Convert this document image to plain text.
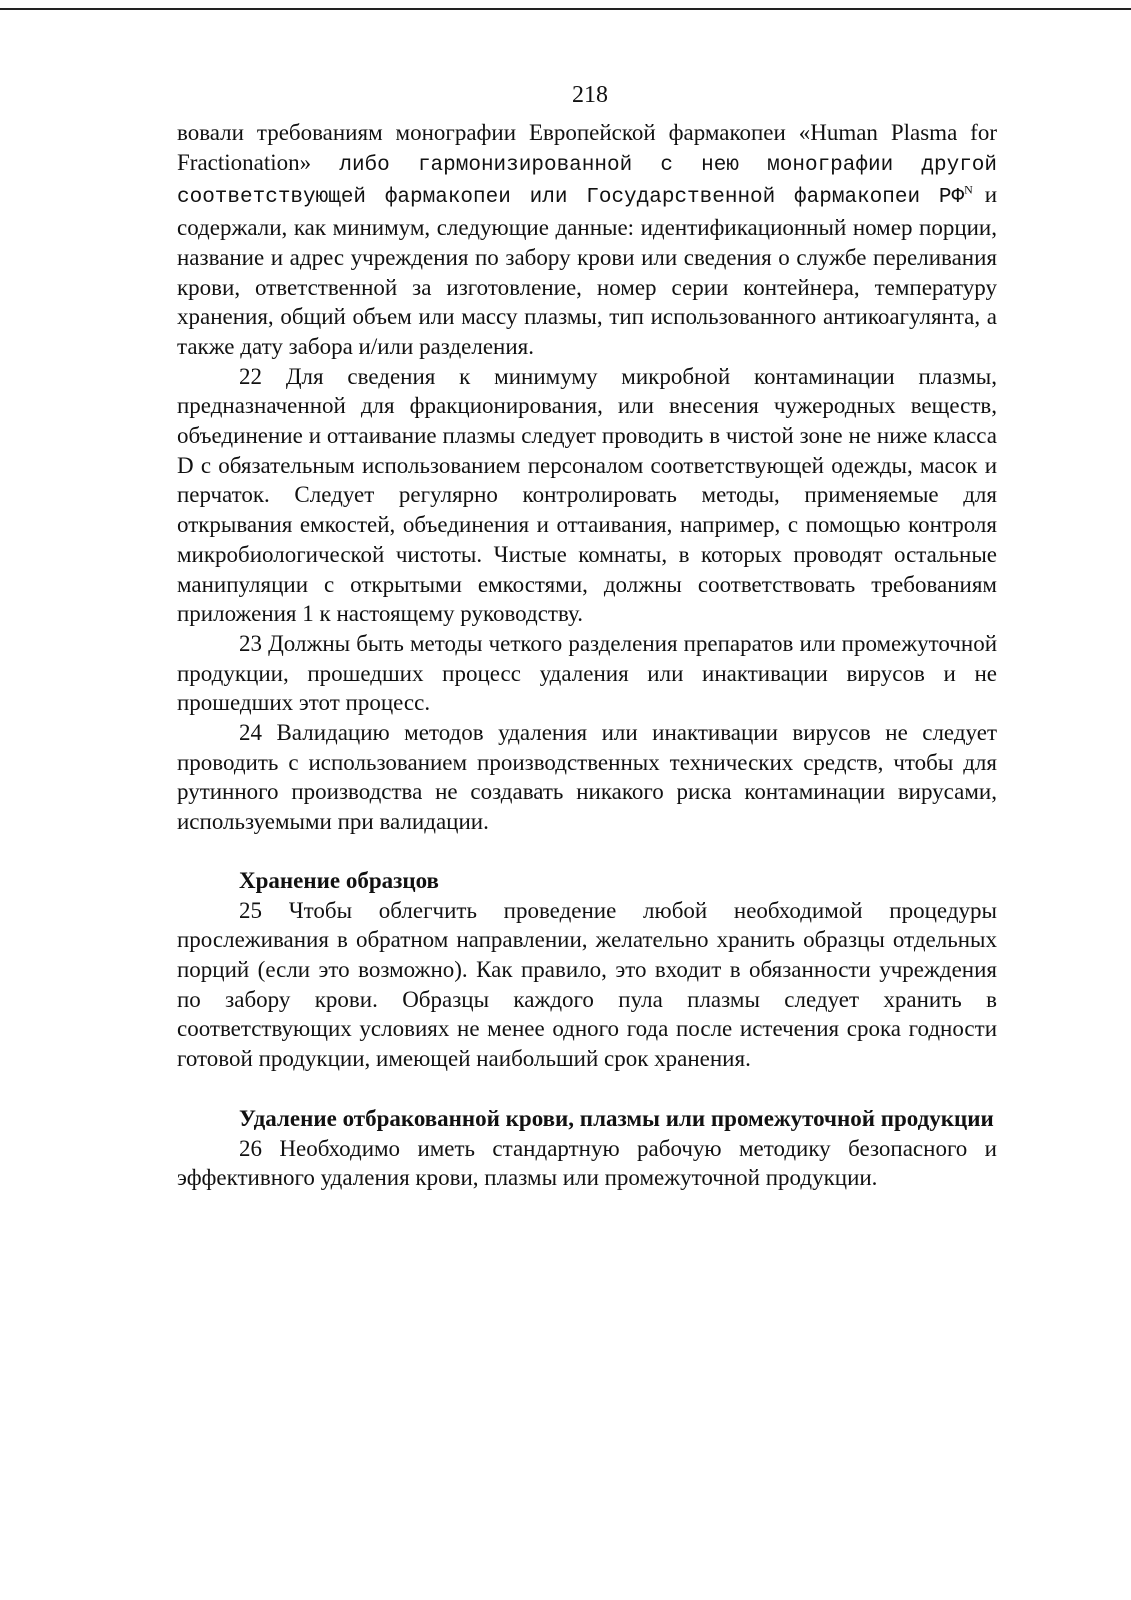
218

вовали требованиям монографии Европейской фармакопеи «Human Plasma for Fractionation» либо гармонизированной с нею монографии другой соответствующей фармакопеи или Государственной фармакопеи $РФ^N$ и содержали, как минимум, следующие данные: идентификационный номер порции, название и адрес учреждения по забору крови или сведения о службе переливания крови, ответственной за изготовление, номер серии контейнера, температуру хранения, общий объем или массу плазмы, тип использованного антикоагулянта, а также дату забора и/или разделения.

22 Для сведения к минимуму микробной контаминации плазмы, предназначенной для фракционирования, или внесения чужеродных веществ, объединение и оттаивание плазмы следует проводить в чистой зоне не ниже класса D с обязательным использованием персоналом соответствующей одежды, масок и перчаток. Следует регулярно контролировать методы, применяемые для открывания емкостей, объединения и оттаивания, например, с помощью контроля микробиологической чистоты. Чистые комнаты, в которых проводят остальные манипуляции с открытыми емкостями, должны соответствовать требованиям приложения 1 к настоящему руководству.

23 Должны быть методы четкого разделения препаратов или промежуточной продукции, прошедших процесс удаления или инактивации вирусов и не прошедших этот процесс.

24 Валидацию методов удаления или инактивации вирусов не следует проводить с использованием производственных технических средств, чтобы для рутинного производства не создавать никакого риска контаминации вирусами, используемыми при валидации.

Хранение образцов

25 Чтобы облегчить проведение любой необходимой процедуры прослеживания в обратном направлении, желательно хранить образцы отдельных порций (если это возможно). Как правило, это входит в обязанности учреждения по забору крови. Образцы каждого пула плазмы следует хранить в соответствующих условиях не менее одного года после истечения срока годности готовой продукции, имеющей наибольший срок хранения.

Удаление отбракованной крови, плазмы или промежуточной продукции

26 Необходимо иметь стандартную рабочую методику безопасного и эффективного удаления крови, плазмы или промежуточной продукции.
